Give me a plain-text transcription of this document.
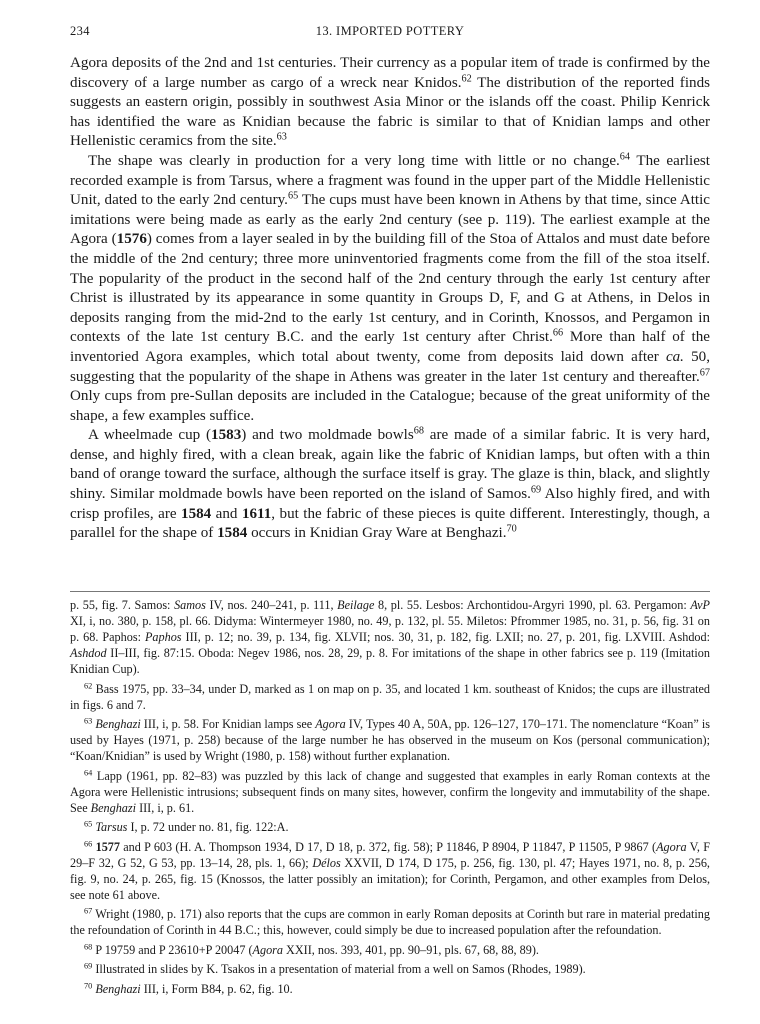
234	13. IMPORTED POTTERY

Agora deposits of the 2nd and 1st centuries. Their currency as a popular item of trade is confirmed by the discovery of a large number as cargo of a wreck near Knidos.$^{62}$ The distribution of the reported finds suggests an eastern origin, possibly in southwest Asia Minor or the islands off the coast. Philip Kenrick has identified the ware as Knidian because the fabric is similar to that of Knidian lamps and other Hellenistic ceramics from the site.$^{63}$

The shape was clearly in production for a very long time with little or no change.$^{64}$ The earliest recorded example is from Tarsus, where a fragment was found in the upper part of the Middle Hellenistic Unit, dated to the early 2nd century.$^{65}$ The cups must have been known in Athens by that time, since Attic imitations were being made as early as the early 2nd century (see p. 119). The earliest example at the Agora (1576) comes from a layer sealed in by the building fill of the Stoa of Attalos and must date before the middle of the 2nd century; three more uninventoried fragments come from the fill of the stoa itself. The popularity of the product in the second half of the 2nd century through the early 1st century after Christ is illustrated by its appearance in some quantity in Groups D, F, and G at Athens, in Delos in deposits ranging from the mid-2nd to the early 1st century, and in Corinth, Knossos, and Pergamon in contexts of the late 1st century B.C. and the early 1st century after Christ.$^{66}$ More than half of the inventoried Agora examples, which total about twenty, come from deposits laid down after ca. 50, suggesting that the popularity of the shape in Athens was greater in the later 1st century and thereafter.$^{67}$ Only cups from pre-Sullan deposits are included in the Catalogue; because of the great uniformity of the shape, a few examples suffice.

A wheelmade cup (1583) and two moldmade bowls$^{68}$ are made of a similar fabric. It is very hard, dense, and highly fired, with a clean break, again like the fabric of Knidian lamps, but often with a thin band of orange toward the surface, although the surface itself is gray. The glaze is thin, black, and slightly shiny. Similar moldmade bowls have been reported on the island of Samos.$^{69}$ Also highly fired, and with crisp profiles, are 1584 and 1611, but the fabric of these pieces is quite different. Interestingly, though, a parallel for the shape of 1584 occurs in Knidian Gray Ware at Benghazi.$^{70}$

p. 55, fig. 7. Samos: Samos IV, nos. 240–241, p. 111, Beilage 8, pl. 55. Lesbos: Archontidou-Argyri 1990, pl. 63. Pergamon: AvP XI, i, no. 380, p. 158, pl. 66. Didyma: Wintermeyer 1980, no. 49, p. 132, pl. 55. Miletos: Pfrommer 1985, no. 31, p. 56, fig. 31 on p. 68. Paphos: Paphos III, p. 12; no. 39, p. 134, fig. XLVII; nos. 30, 31, p. 182, fig. LXII; no. 27, p. 201, fig. LXVIII. Ashdod: Ashdod II–III, fig. 87:15. Oboda: Negev 1986, nos. 28, 29, p. 8. For imitations of the shape in other fabrics see p. 119 (Imitation Knidian Cup).

$^{62}$ Bass 1975, pp. 33–34, under D, marked as 1 on map on p. 35, and located 1 km. southeast of Knidos; the cups are illustrated in figs. 6 and 7.

$^{63}$ Benghazi III, i, p. 58. For Knidian lamps see Agora IV, Types 40 A, 50A, pp. 126–127, 170–171. The nomenclature “Koan” is used by Hayes (1971, p. 258) because of the large number he has observed in the museum on Kos (personal communication); “Koan/Knidian” is used by Wright (1980, p. 158) without further explanation.

$^{64}$ Lapp (1961, pp. 82–83) was puzzled by this lack of change and suggested that examples in early Roman contexts at the Agora were Hellenistic intrusions; subsequent finds on many sites, however, confirm the longevity and immutability of the shape. See Benghazi III, i, p. 61.

$^{65}$ Tarsus I, p. 72 under no. 81, fig. 122:A.

$^{66}$ 1577 and P 603 (H. A. Thompson 1934, D 17, D 18, p. 372, fig. 58); P 11846, P 8904, P 11847, P 11505, P 9867 (Agora V, F 29–F 32, G 52, G 53, pp. 13–14, 28, pls. 1, 66); Délos XXVII, D 174, D 175, p. 256, fig. 130, pl. 47; Hayes 1971, no. 8, p. 256, fig. 9, no. 24, p. 265, fig. 15 (Knossos, the latter possibly an imitation); for Corinth, Pergamon, and other examples from Delos, see note 61 above.

$^{67}$ Wright (1980, p. 171) also reports that the cups are common in early Roman deposits at Corinth but rare in material predating the refoundation of Corinth in 44 B.C.; this, however, could simply be due to increased population after the refoundation.

$^{68}$ P 19759 and P 23610+P 20047 (Agora XXII, nos. 393, 401, pp. 90–91, pls. 67, 68, 88, 89).

$^{69}$ Illustrated in slides by K. Tsakos in a presentation of material from a well on Samos (Rhodes, 1989).

$^{70}$ Benghazi III, i, Form B84, p. 62, fig. 10.
